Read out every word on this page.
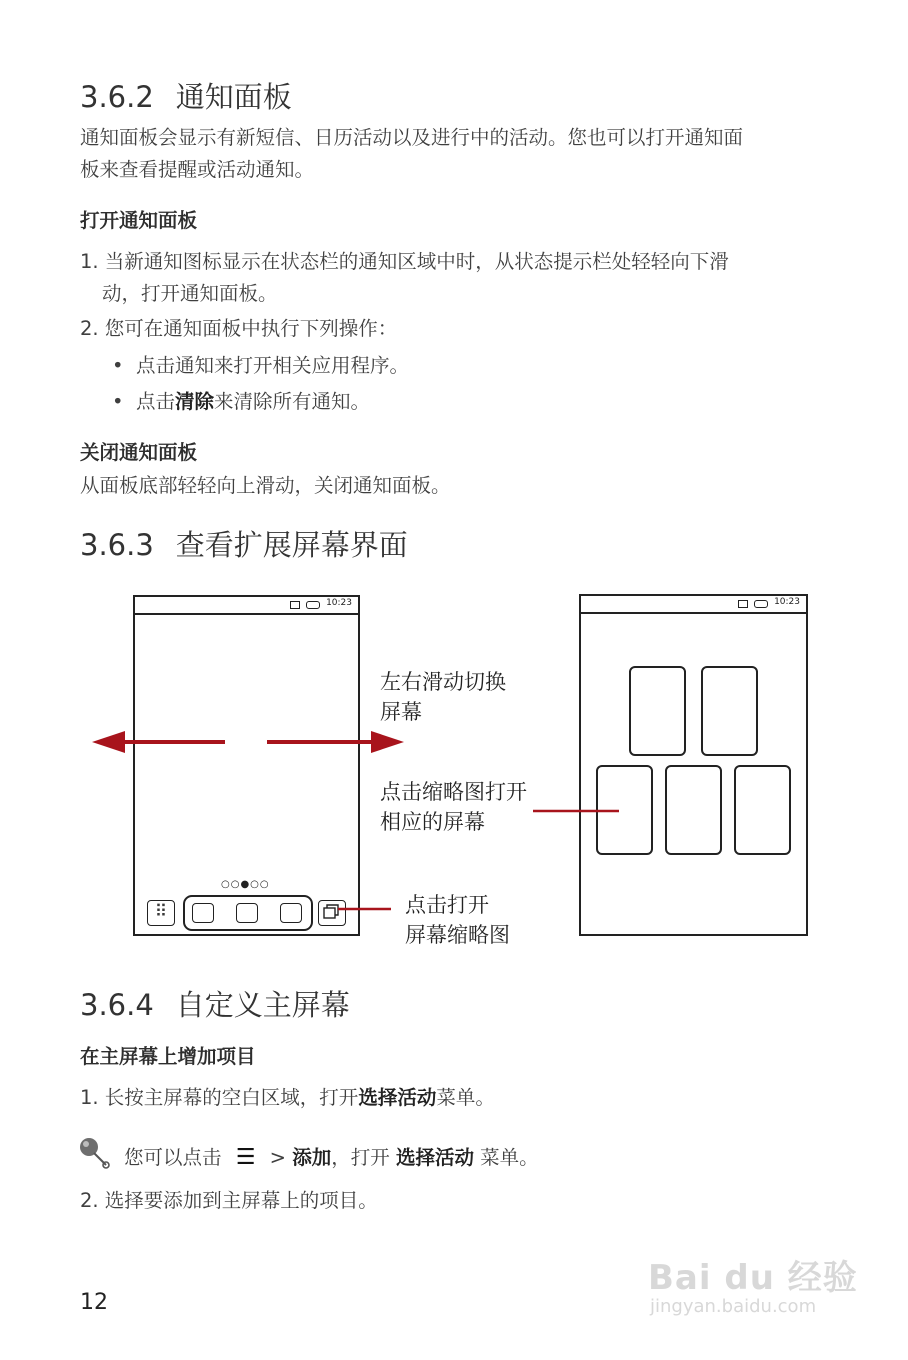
3.6.2 通知面板
通知面板会显示有新短信、日历活动以及进行中的活动。您也可以打开通知面
板来查看提醒或活动通知。
打开通知面板
1. 当新通知图标显示在状态栏的通知区域中时，从状态提示栏处轻轻向下滑
动，打开通知面板。
2. 您可在通知面板中执行下列操作：
• 点击通知来打开相关应用程序。
• 点击清除来清除所有通知。
关闭通知面板
从面板底部轻轻向上滑动，关闭通知面板。
3.6.3 查看扩展屏幕界面
10:23
○○●○○
⠿
10:23
左右滑动切换
屏幕
点击缩略图打开
相应的屏幕
点击打开
屏幕缩略图
3.6.4 自定义主屏幕
在主屏幕上增加项目
1. 长按主屏幕的空白区域，打开选择活动菜单。
您可以点击 ☰ > 添加，打开 选择活动 菜单。
2. 选择要添加到主屏幕上的项目。
12
Bai du 经验
jingyan.baidu.com
